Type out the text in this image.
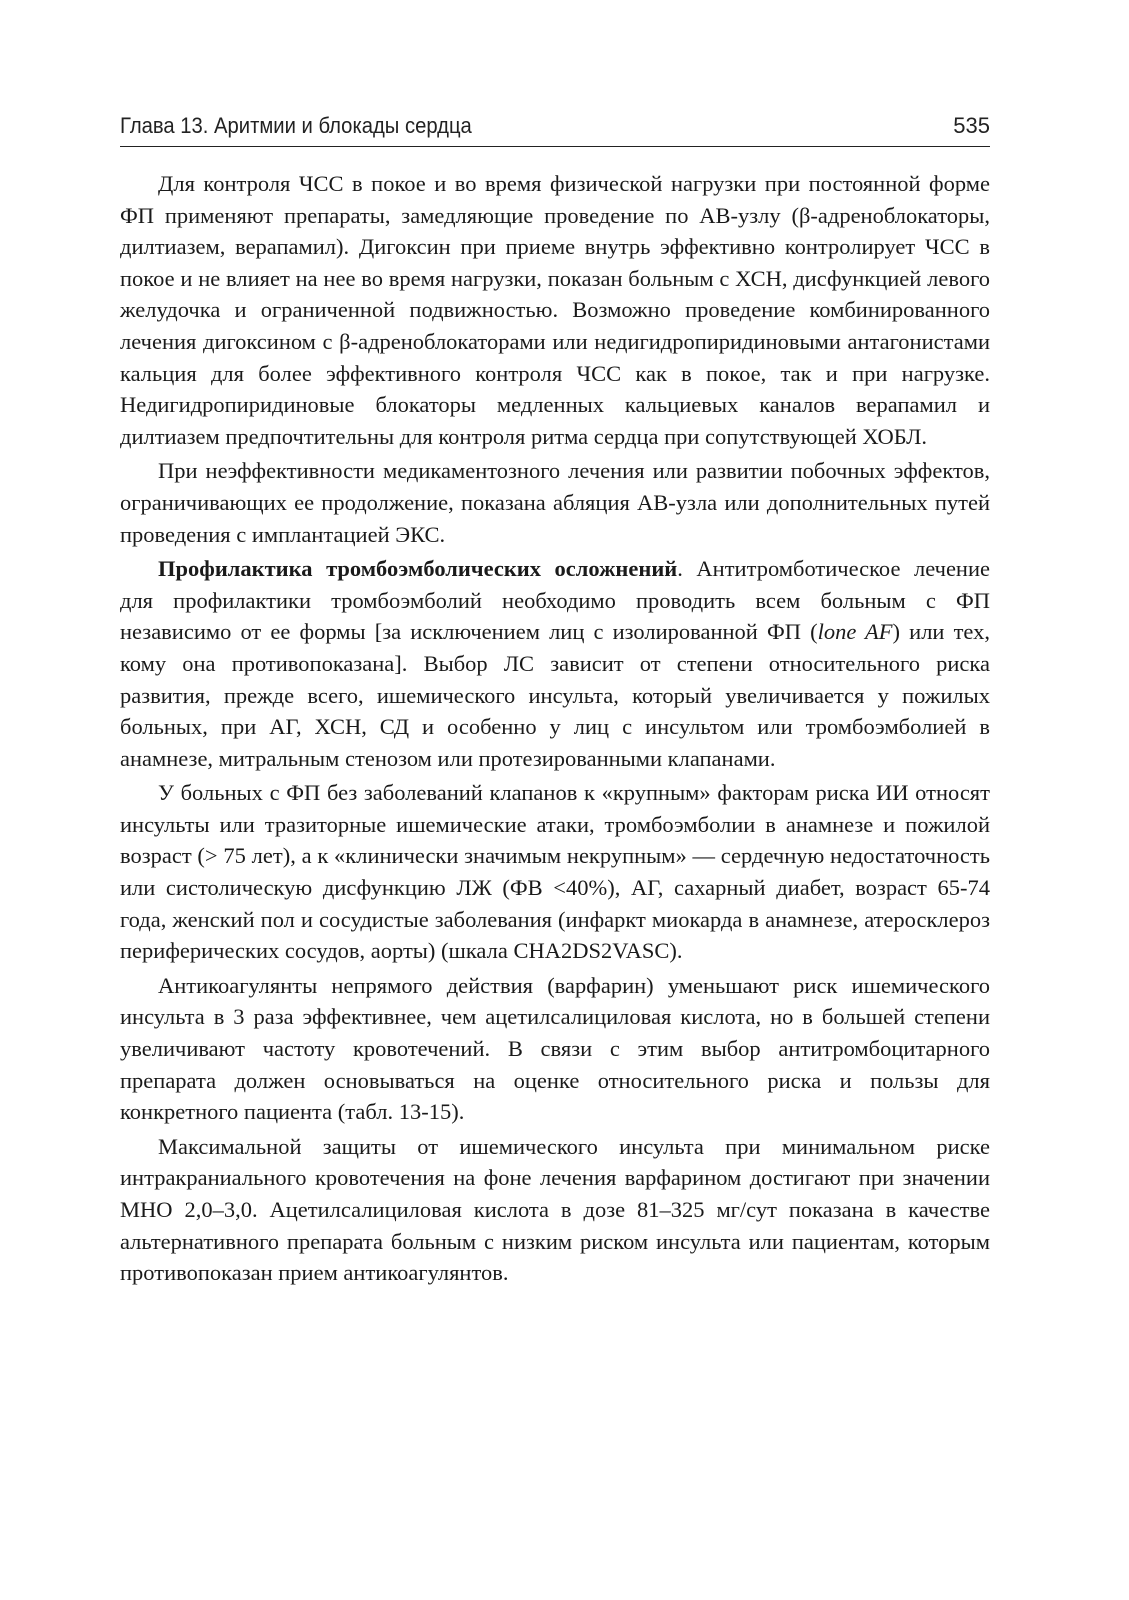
Глава 13. Аритмии и блокады сердца	535

Для контроля ЧСС в покое и во время физической нагрузки при постоянной форме ФП применяют препараты, замедляющие проведение по АВ-узлу (β-адреноблокаторы, дилтиазем, верапамил). Дигоксин при приеме внутрь эффективно контролирует ЧСС в покое и не влияет на нее во время нагрузки, показан больным с ХСН, дисфункцией левого желудочка и ограниченной подвижностью. Возможно проведение комбинированного лечения дигоксином с β-адреноблокаторами или недигидропиридиновыми антагонистами кальция для более эффективного контроля ЧСС как в покое, так и при нагрузке. Недигидропиридиновые блокаторы медленных кальциевых каналов верапамил и дилтиазем предпочтительны для контроля ритма сердца при сопутствующей ХОБЛ.

При неэффективности медикаментозного лечения или развитии побочных эффектов, ограничивающих ее продолжение, показана абляция АВ-узла или дополнительных путей проведения с имплантацией ЭКС.

Профилактика тромбоэмболических осложнений. Антитромботическое лечение для профилактики тромбоэмболий необходимо проводить всем больным с ФП независимо от ее формы [за исключением лиц с изолированной ФП (lone AF) или тех, кому она противопоказана]. Выбор ЛС зависит от степени относительного риска развития, прежде всего, ишемического инсульта, который увеличивается у пожилых больных, при АГ, ХСН, СД и особенно у лиц с инсультом или тромбоэмболией в анамнезе, митральным стенозом или протезированными клапанами.

У больных с ФП без заболеваний клапанов к «крупным» факторам риска ИИ относят инсульты или тразиторные ишемические атаки, тромбоэмболии в анамнезе и пожилой возраст (> 75 лет), а к «клинически значимым некрупным» — сердечную недостаточность или систолическую дисфункцию ЛЖ (ФВ <40%), АГ, сахарный диабет, возраст 65-74 года, женский пол и сосудистые заболевания (инфаркт миокарда в анамнезе, атеросклероз периферических сосудов, аорты) (шкала CHA2DS2VASC).

Антикоагулянты непрямого действия (варфарин) уменьшают риск ишемического инсульта в 3 раза эффективнее, чем ацетилсалициловая кислота, но в большей степени увеличивают частоту кровотечений. В связи с этим выбор антитромбоцитарного препарата должен основываться на оценке относительного риска и пользы для конкретного пациента (табл. 13-15).

Максимальной защиты от ишемического инсульта при минимальном риске интракраниального кровотечения на фоне лечения варфарином достигают при значении МНО 2,0–3,0. Ацетилсалициловая кислота в дозе 81–325 мг/сут показана в качестве альтернативного препарата больным с низким риском инсульта или пациентам, которым противопоказан прием антикоагулянтов.
